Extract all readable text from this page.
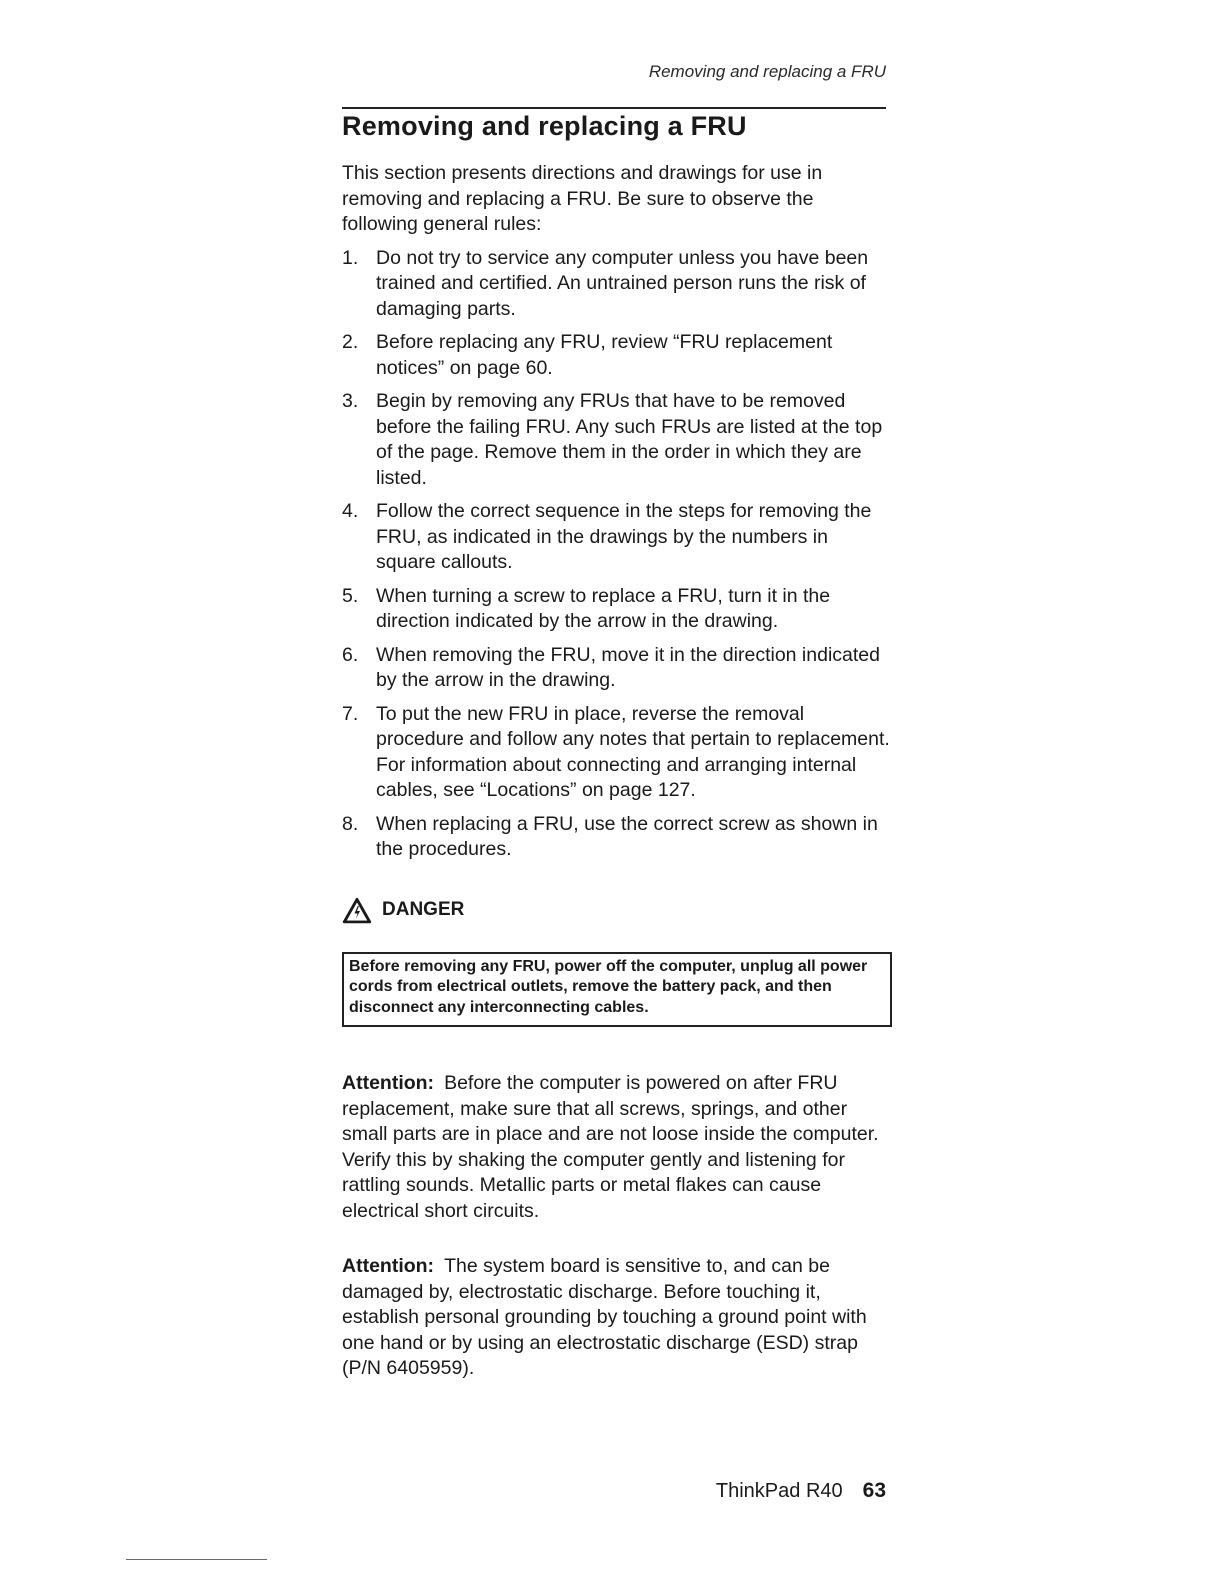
Removing and replacing a FRU
Removing and replacing a FRU

This section presents directions and drawings for use in removing and replacing a FRU. Be sure to observe the following general rules:

1. Do not try to service any computer unless you have been trained and certified. An untrained person runs the risk of damaging parts.
2. Before replacing any FRU, review “FRU replacement notices” on page 60.
3. Begin by removing any FRUs that have to be removed before the failing FRU. Any such FRUs are listed at the top of the page. Remove them in the order in which they are listed.
4. Follow the correct sequence in the steps for removing the FRU, as indicated in the drawings by the numbers in square callouts.
5. When turning a screw to replace a FRU, turn it in the direction indicated by the arrow in the drawing.
6. When removing the FRU, move it in the direction indicated by the arrow in the drawing.
7. To put the new FRU in place, reverse the removal procedure and follow any notes that pertain to replacement. For information about connecting and arranging internal cables, see “Locations” on page 127.
8. When replacing a FRU, use the correct screw as shown in the procedures.
DANGER
Before removing any FRU, power off the computer, unplug all power cords from electrical outlets, remove the battery pack, and then disconnect any interconnecting cables.

Attention: Before the computer is powered on after FRU replacement, make sure that all screws, springs, and other small parts are in place and are not loose inside the computer. Verify this by shaking the computer gently and listening for rattling sounds. Metallic parts or metal flakes can cause electrical short circuits.

Attention: The system board is sensitive to, and can be damaged by, electrostatic discharge. Before touching it, establish personal grounding by touching a ground point with one hand or by using an electrostatic discharge (ESD) strap (P/N 6405959).

ThinkPad R40 63
